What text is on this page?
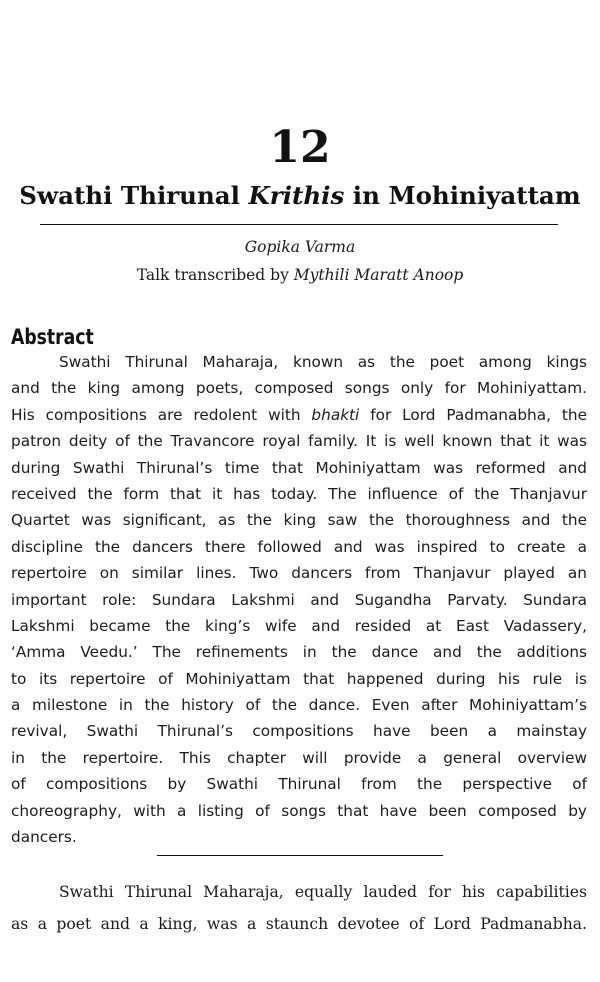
12
Swathi Thirunal Krithis in Mohiniyattam
Gopika Varma
Talk transcribed by Mythili Maratt Anoop
Abstract
Swathi Thirunal Maharaja, known as the poet among kings
and the king among poets, composed songs only for Mohiniyattam.
His compositions are redolent with bhakti for Lord Padmanabha, the
patron deity of the Travancore royal family. It is well known that it was
during Swathi Thirunal’s time that Mohiniyattam was reformed and
received the form that it has today. The influence of the Thanjavur
Quartet was significant, as the king saw the thoroughness and the
discipline the dancers there followed and was inspired to create a
repertoire on similar lines. Two dancers from Thanjavur played an
important role: Sundara Lakshmi and Sugandha Parvaty. Sundara
Lakshmi became the king’s wife and resided at East Vadassery,
‘Amma Veedu.’ The refinements in the dance and the additions
to its repertoire of Mohiniyattam that happened during his rule is
a milestone in the history of the dance. Even after Mohiniyattam’s
revival, Swathi Thirunal’s compositions have been a mainstay
in the repertoire. This chapter will provide a general overview
of compositions by Swathi Thirunal from the perspective of
choreography, with a listing of songs that have been composed by
dancers.
Swathi Thirunal Maharaja, equally lauded for his capabilities
as a poet and a king, was a staunch devotee of Lord Padmanabha.
